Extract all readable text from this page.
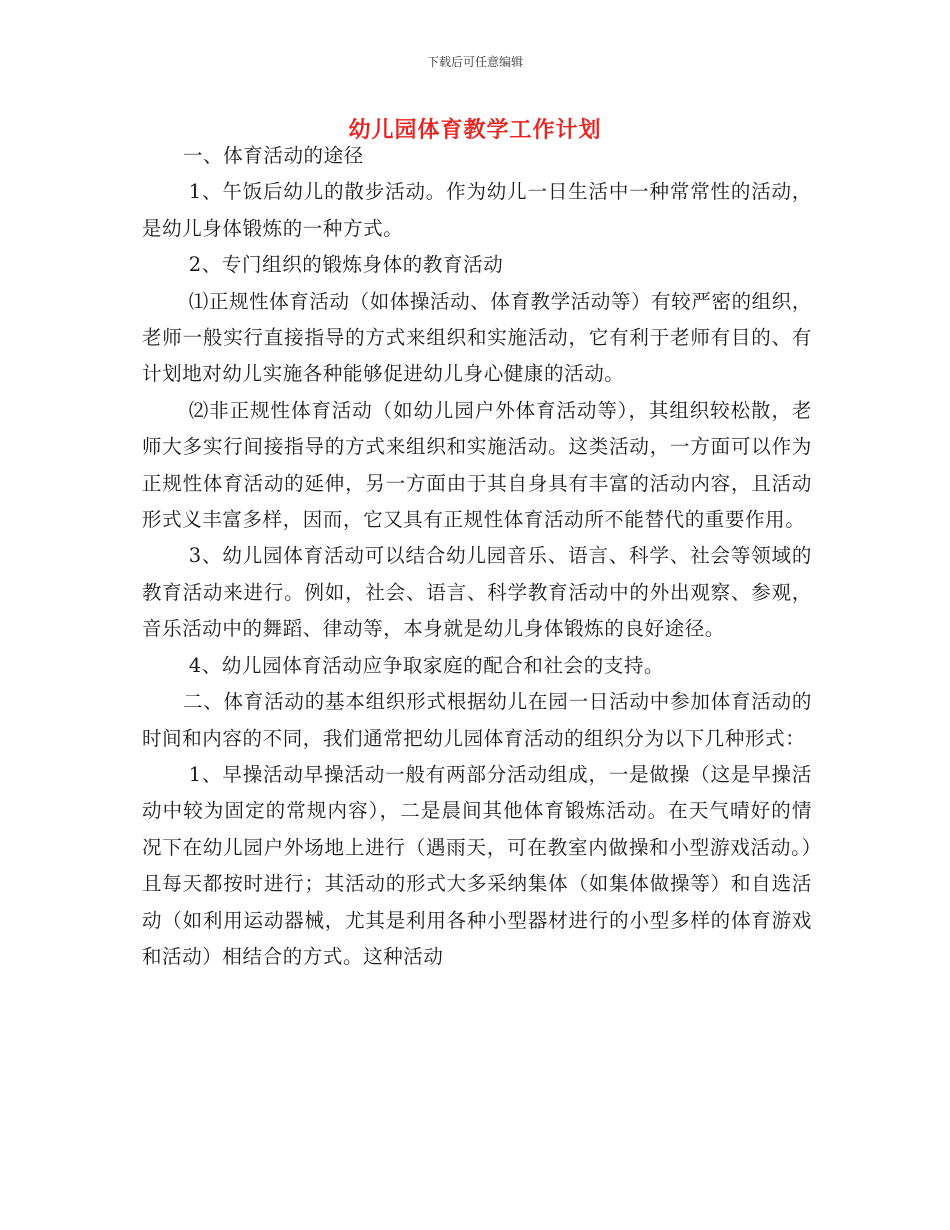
下载后可任意编辑
幼儿园体育教学工作计划

一、体育活动的途径

1、午饭后幼儿的散步活动。作为幼儿一日生活中一种常常性的活动，是幼儿身体锻炼的一种方式。

2、专门组织的锻炼身体的教育活动

⑴正规性体育活动（如体操活动、体育教学活动等）有较严密的组织，老师一般实行直接指导的方式来组织和实施活动，它有利于老师有目的、有计划地对幼儿实施各种能够促进幼儿身心健康的活动。

⑵非正规性体育活动（如幼儿园户外体育活动等），其组织较松散，老师大多实行间接指导的方式来组织和实施活动。这类活动，一方面可以作为正规性体育活动的延伸，另一方面由于其自身具有丰富的活动内容，且活动形式义丰富多样，因而，它又具有正规性体育活动所不能替代的重要作用。

3、幼儿园体育活动可以结合幼儿园音乐、语言、科学、社会等领域的教育活动来进行。例如，社会、语言、科学教育活动中的外出观察、参观，音乐活动中的舞蹈、律动等，本身就是幼儿身体锻炼的良好途径。

4、幼儿园体育活动应争取家庭的配合和社会的支持。

二、体育活动的基本组织形式根据幼儿在园一日活动中参加体育活动的时间和内容的不同，我们通常把幼儿园体育活动的组织分为以下几种形式：

1、早操活动早操活动一般有两部分活动组成，一是做操（这是早操活动中较为固定的常规内容），二是晨间其他体育锻炼活动。在天气晴好的情况下在幼儿园户外场地上进行（遇雨天，可在教室内做操和小型游戏活动。）且每天都按时进行；其活动的形式大多采纳集体（如集体做操等）和自选活动（如利用运动器械，尤其是利用各种小型器材进行的小型多样的体育游戏和活动）相结合的方式。这种活动
